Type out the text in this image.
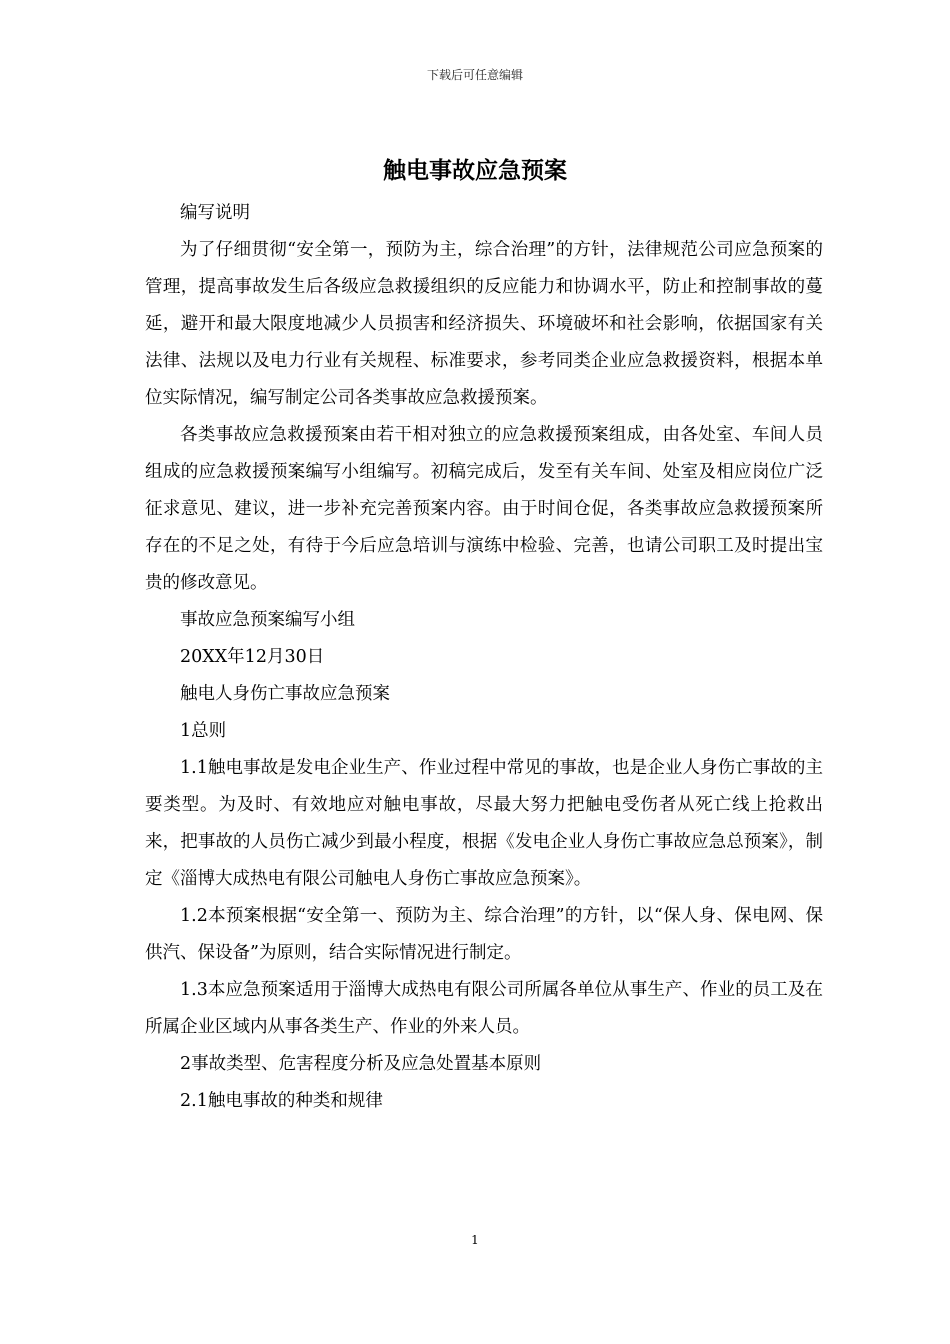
下载后可任意编辑
触电事故应急预案

编写说明

为了仔细贯彻“安全第一，预防为主，综合治理”的方针，法律规范公司应急预案的管理，提高事故发生后各级应急救援组织的反应能力和协调水平，防止和控制事故的蔓延，避开和最大限度地减少人员损害和经济损失、环境破坏和社会影响，依据国家有关法律、法规以及电力行业有关规程、标准要求，参考同类企业应急救援资料，根据本单位实际情况，编写制定公司各类事故应急救援预案。

各类事故应急救援预案由若干相对独立的应急救援预案组成，由各处室、车间人员组成的应急救援预案编写小组编写。初稿完成后，发至有关车间、处室及相应岗位广泛征求意见、建议，进一步补充完善预案内容。由于时间仓促，各类事故应急救援预案所存在的不足之处，有待于今后应急培训与演练中检验、完善，也请公司职工及时提出宝贵的修改意见。

事故应急预案编写小组

20XX年12月30日

触电人身伤亡事故应急预案

1总则

1.1触电事故是发电企业生产、作业过程中常见的事故，也是企业人身伤亡事故的主要类型。为及时、有效地应对触电事故，尽最大努力把触电受伤者从死亡线上抢救出来，把事故的人员伤亡减少到最小程度，根据《发电企业人身伤亡事故应急总预案》，制定《淄博大成热电有限公司触电人身伤亡事故应急预案》。

1.2本预案根据“安全第一、预防为主、综合治理”的方针，以“保人身、保电网、保供汽、保设备”为原则，结合实际情况进行制定。

1.3本应急预案适用于淄博大成热电有限公司所属各单位从事生产、作业的员工及在所属企业区域内从事各类生产、作业的外来人员。

2事故类型、危害程度分析及应急处置基本原则

2.1触电事故的种类和规律

1
